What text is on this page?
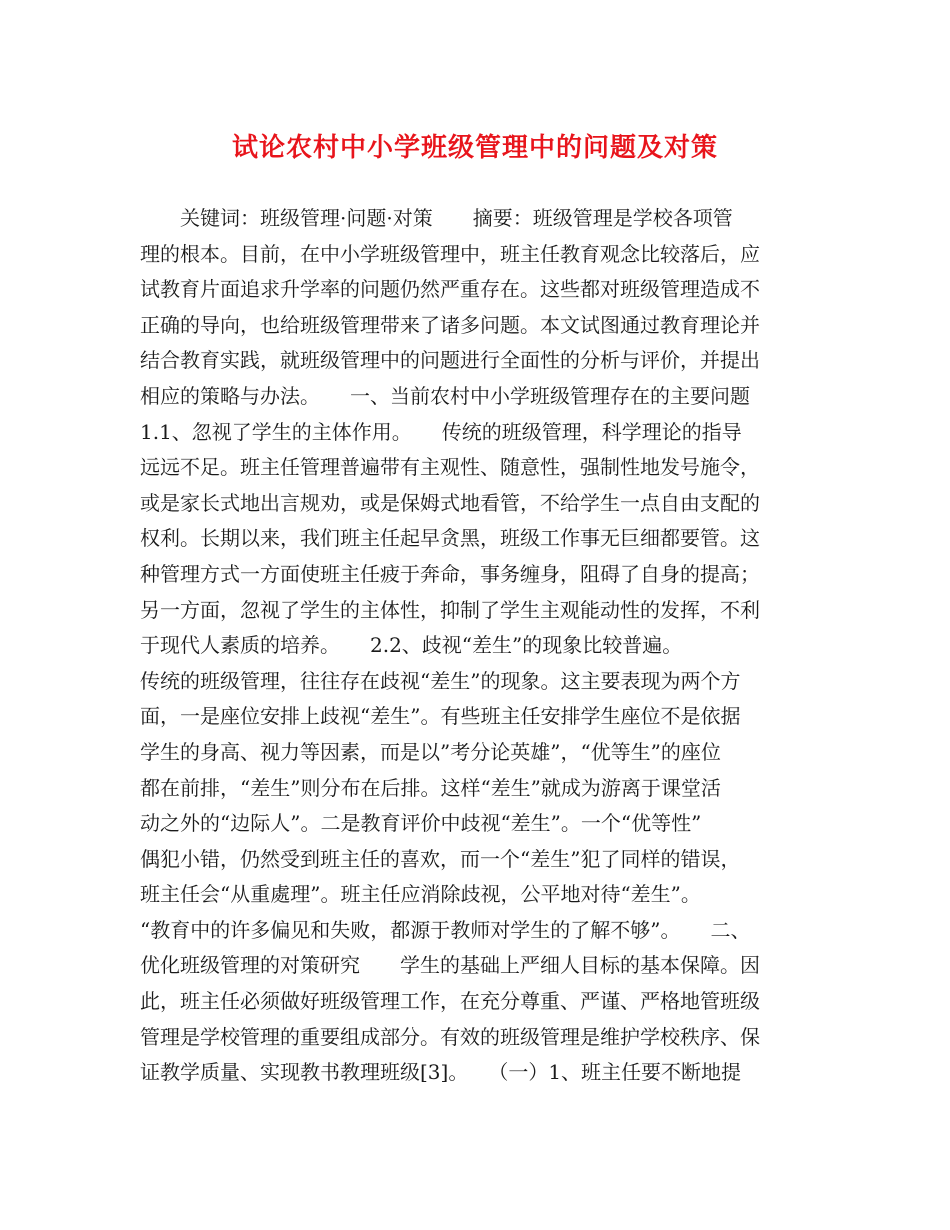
试论农村中小学班级管理中的问题及对策
关键词：班级管理·问题·对策　　摘要：班级管理是学校各项管
理的根本。目前，在中小学班级管理中，班主任教育观念比较落后，应
试教育片面追求升学率的问题仍然严重存在。这些都对班级管理造成不
正确的导向，也给班级管理带来了诸多问题。本文试图通过教育理论并
结合教育实践，就班级管理中的问题进行全面性的分析与评价，并提出
相应的策略与办法。　　一、当前农村中小学班级管理存在的主要问题
1.1、忽视了学生的主体作用。　　传统的班级管理，科学理论的指导
远远不足。班主任管理普遍带有主观性、随意性，强制性地发号施令，
或是家长式地出言规劝，或是保姆式地看管，不给学生一点自由支配的
权利。长期以来，我们班主任起早贪黑，班级工作事无巨细都要管。这
种管理方式一方面使班主任疲于奔命，事务缠身，阻碍了自身的提高；
另一方面，忽视了学生的主体性，抑制了学生主观能动性的发挥，不利
于现代人素质的培养。　　2.2、歧视“差生”的现象比较普遍。
传统的班级管理，往往存在歧视“差生”的现象。这主要表现为两个方
面，一是座位安排上歧视“差生”。有些班主任安排学生座位不是依据
学生的身高、视力等因素，而是以”考分论英雄”，“优等生”的座位
都在前排，“差生”则分布在后排。这样“差生”就成为游离于课堂活
动之外的“边际人”。二是教育评价中歧视“差生”。一个“优等性”
偶犯小错，仍然受到班主任的喜欢，而一个“差生”犯了同样的错误，
班主任会“从重處理”。班主任应消除歧视，公平地对待“差生”。
“教育中的许多偏见和失败，都源于教师对学生的了解不够”。　　二、
优化班级管理的对策研究　　学生的基础上严细人目标的基本保障。因
此，班主任必须做好班级管理工作，在充分尊重、严谨、严格地管班级
管理是学校管理的重要组成部分。有效的班级管理是维护学校秩序、保
证教学质量、实现教书教理班级[3]。　　（一）1、班主任要不断地提
